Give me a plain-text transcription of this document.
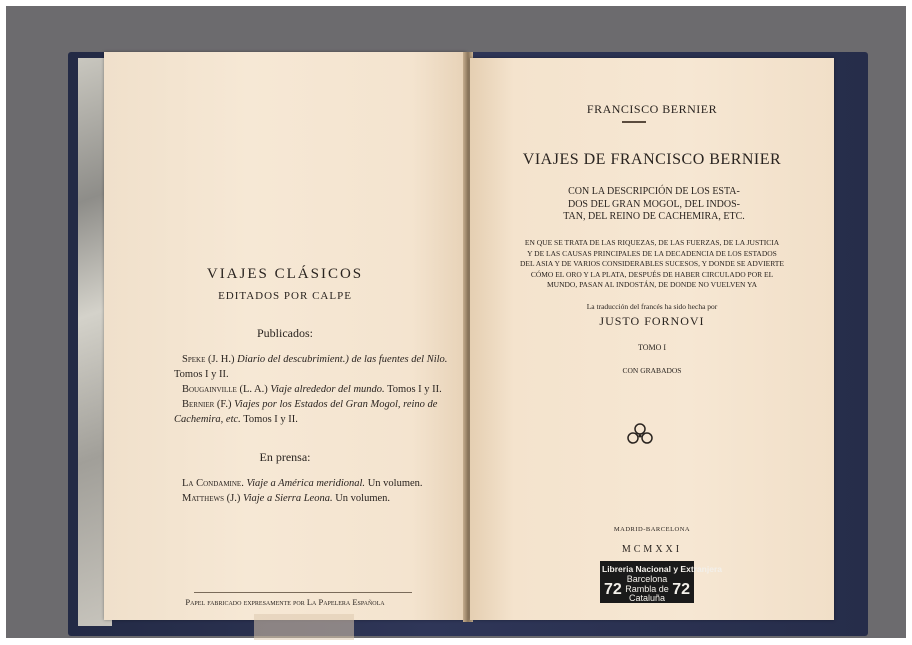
VIAJES CLÁSICOS
EDITADOS POR CALPE
Publicados:
Speke (J. H.) Diario del descubrimient.) de las fuentes del Nilo.
Tomos I y II.
Bougainville (L. A.) Viaje alrededor del mundo. Tomos I y II.
Bernier (F.) Viajes por los Estados del Gran Mogol, reino de
Cachemira, etc. Tomos I y II.
En prensa:
La Condamine. Viaje a América meridional. Un volumen.
Matthews (J.) Viaje a Sierra Leona. Un volumen.
Papel fabricado expresamente por La Papelera Española
FRANCISCO BERNIER
VIAJES DE FRANCISCO BERNIER
CON LA DESCRIPCIÓN DE LOS ESTA-
DOS DEL GRAN MOGOL, DEL INDOS-
TAN, DEL REINO DE CACHEMIRA, ETC.
EN QUE SE TRATA DE LAS RIQUEZAS, DE LAS FUERZAS, DE LA JUSTICIA
Y DE LAS CAUSAS PRINCIPALES DE LA DECADENCIA DE LOS ESTADOS
DEL ASIA Y DE VARIOS CONSIDERABLES SUCESOS, Y DONDE SE ADVIERTE
CÓMO EL ORO Y LA PLATA, DESPUÉS DE HABER CIRCULADO POR EL
MUNDO, PASAN AL INDOSTÁN, DE DONDE NO VUELVEN YA
La traducción del francés ha sido hecha por
JUSTO FORNOVI
TOMO I
CON GRABADOS
MADRID-BARCELONA
MCMXXI
Libreria Nacional y Extranjera
Barcelona
Rambla de
Cataluña
72	72
